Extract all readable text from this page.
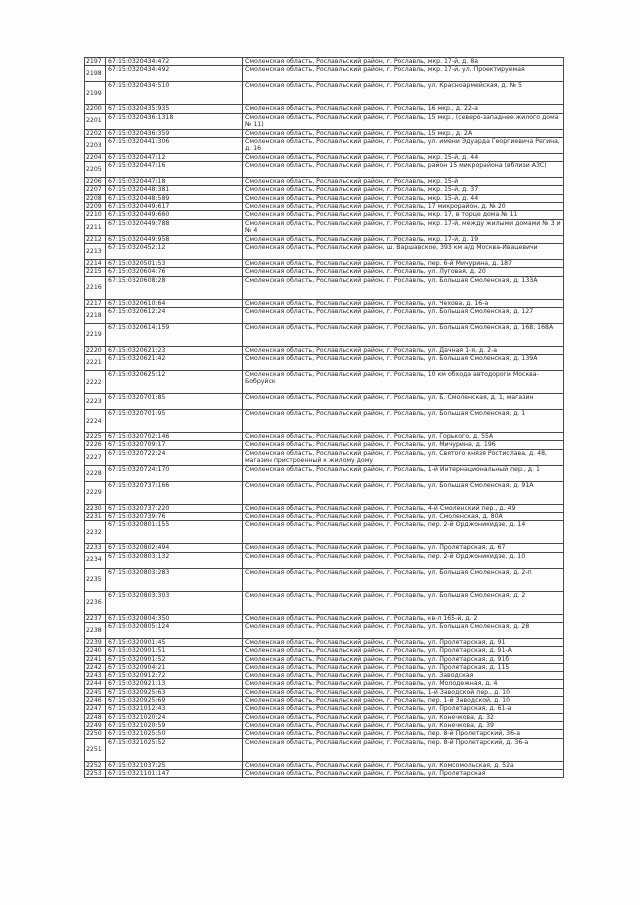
2197	67:15:0320434:472	Смоленская область, Рославльский район, г. Рославль, мкр. 17-й, д. 8а
2198	67:15:0320434:492	Смоленская область, Рославльский район, г. Рославль, мкр. 17-й, ул. Проектируемая
2199	67:15:0320434:510	Смоленская область, Рославльский район, г. Рославль, ул. Красноармейская, д. № 5
2200	67:15:0320435:935	Смоленская область, Рославльский район, г. Рославль, 16 мкр., д. 22-а
2201	67:15:0320436:1318	Смоленская область, Рославльский район, г. Рославль, 15 мкр., (северо-западнее жилого дома № 11)
2202	67:15:0320436:359	Смоленская область, Рославльский район, г. Рославль, 15 мкр., д. 2А
2203	67:15:0320441:306	Смоленская область, Рославльский район, г. Рославль, ул. имени Эдуарда Георгиевича Регина, д. 16
2204	67:15:0320447:12	Смоленская область, Рославльский район, г. Рославль, мкр. 15-й, д. 44
2205	67:15:0320447:16	Смоленская область, Рославльский район, г. Рославль, район 15 микрорайона (вблизи АЗС)
2206	67:15:0320447:18	Смоленская область, Рославльский район, г. Рославль, мкр. 15-й
2207	67:15:0320448:381	Смоленская область, Рославльский район, г. Рославль, мкр. 15-й, д. 37
2208	67:15:0320448:589	Смоленская область, Рославльский район, г. Рославль, мкр. 15-й, д. 44
2209	67:15:0320449:617	Смоленская область, Рославльский район, г. Рославль, 17 микрорайон, д. № 20
2210	67:15:0320449:660	Смоленская область, Рославльский район, г. Рославль, мкр. 17, в торце дома № 11
2211	67:15:0320449:788	Смоленская область, Рославльский район, г. Рославль, мкр. 17-й, между жилыми домами № 3 и № 4
2212	67:15:0320449:958	Смоленская область, Рославльский район, г. Рославль, мкр. 17-й, д. 19
2213	67:15:0320452:12	Смоленская область, Рославльский район, ш. Варшавское, 393 км а/д Москва-Ивацевичи
2214	67:15:0320501:53	Смоленская область, Рославльский район, г. Рославль, пер. 6-й Мичурина, д. 187
2215	67:15:0320604:76	Смоленская область, Рославльский район, г. Рославль, ул. Луговая, д. 20
2216	67:15:0320608:28	Смоленская область, Рославльский район, г. Рославль, ул. Большая Смоленская, д. 133А
2217	67:15:0320610:64	Смоленская область, Рославльский район, г. Рославль, ул. Чехова, д. 16-а
2218	67:15:0320612:24	Смоленская область, Рославльский район, г. Рославль, ул. Большая Смоленская, д. 127
2219	67:15:0320614:159	Смоленская область, Рославльский район, г. Рославль, ул. Большая Смоленская, д. 168, 168А
2220	67:15:0320621:23	Смоленская область, Рославльский район, г. Рославль, ул. Дачная 1-я, д. 2-а
2221	67:15:0320621:42	Смоленская область, Рославльский район, г. Рославль, ул. Большая Смоленская, д. 139А
2222	67:15:0320625:12	Смоленская область, Рославльский район, г. Рославль, 10 км обхода автодороги Москва-Бобруйск
2223	67:15:0320701:85	Смоленская область, Рославльский район, г. Рославль, ул. Б. Смоленская, д. 1, магазин
2224	67:15:0320701:95	Смоленская область, Рославльский район, г. Рославль, ул. Большая Смоленская, д. 1
2225	67:15:0320702:146	Смоленская область, Рославльский район, г. Рославль, ул. Горького, д. 55А
2226	67:15:0320709:17	Смоленская область, Рославльский район, г. Рославль, ул. Мичурина, д. 196
2227	67:15:0320722:24	Смоленская область, Рославльский район, г. Рославль, ул. Святого князя Ростислава, д. 48, магазин пристроенный к жилому дому
2228	67:15:0320724:170	Смоленская область, Рославльский район, г. Рославль, 1-й Интернациональный пер., д. 1
2229	67:15:0320737:166	Смоленская область, Рославльский район, г. Рославль, ул. Большая Смоленская, д. 91А
2230	67:15:0320737:220	Смоленская область, Рославльский район, г. Рославль, 4-й Смоленский пер., д. 49
2231	67:15:0320739:76	Смоленская область, Рославльский район, г. Рославль, ул. Смоленская, д. 80А
2232	67:15:0320801:155	Смоленская область, Рославльский район, г. Рославль, пер. 2-й Орджоникидзе, д. 14
2233	67:15:0320802:494	Смоленская область, Рославльский район, г. Рославль, ул. Пролетарская, д. 67
2234	67:15:0320803:132	Смоленская область, Рославльский район, г. Рославль, пер. 2-й Орджоникидзе, д. 10
2235	67:15:0320803:283	Смоленская область, Рославльский район, г. Рославль, ул. Большая Смоленская, д. 2-п
2236	67:15:0320803:303	Смоленская область, Рославльский район, г. Рославль, ул. Большая Смоленская, д. 2
2237	67:15:0320804:350	Смоленская область, Рославльский район, г. Рославль, кв-л 165-й, д. 2
2238	67:15:0320805:124	Смоленская область, Рославльский район, г. Рославль, ул. Большая Смоленская, д. 28
2239	67:15:0320901:45	Смоленская область, Рославльский район, г. Рославль, ул. Пролетарская, д. 91
2240	67:15:0320901:51	Смоленская область, Рославльский район, г. Рославль, ул. Пролетарская, д. 91-А
2241	67:15:0320901:52	Смоленская область, Рославльский район, г. Рославль, ул. Пролетарская, д. 91б
2242	67:15:0320904:21	Смоленская область, Рославльский район, г. Рославль, ул. Пролетарская, д. 115
2243	67:15:0320912:72	Смоленская область, Рославльский район, г. Рославль, ул. Заводская
2244	67:15:0320921:13	Смоленская область, Рославльский район, г. Рославль, ул. Молодежная, д. 4
2245	67:15:0320925:63	Смоленская область, Рославльский район, г. Рославль, 1-й Заводской пер., д. 10
2246	67:15:0320925:69	Смоленская область, Рославльский район, г. Рославль, пер. 1-й Заводской, д. 10
2247	67:15:0321012:43	Смоленская область, Рославльский район, г. Рославль, ул. Пролетарская, д. 61-а
2248	67:15:0321020:24	Смоленская область, Рославльский район, г. Рославль, ул. Конечкова, д. 32
2249	67:15:0321020:59	Смоленская область, Рославльский район, г. Рославль, ул. Конечкова, д. 39
2250	67:15:0321025:50	Смоленская область, Рославльский район, г. Рославль, пер. 8-й Пролетарский, 36-а
2251	67:15:0321025:52	Смоленская область, Рославльский район, г. Рославль, пер. 8-й Пролетарский, д. 36-а
2252	67:15:0321037:25	Смоленская область, Рославльский район, г. Рославль, ул. Комсомольская, д. 52а
2253	67:15:0321101:147	Смоленская область, Рославльский район, г. Рославль, ул. Пролетарская
